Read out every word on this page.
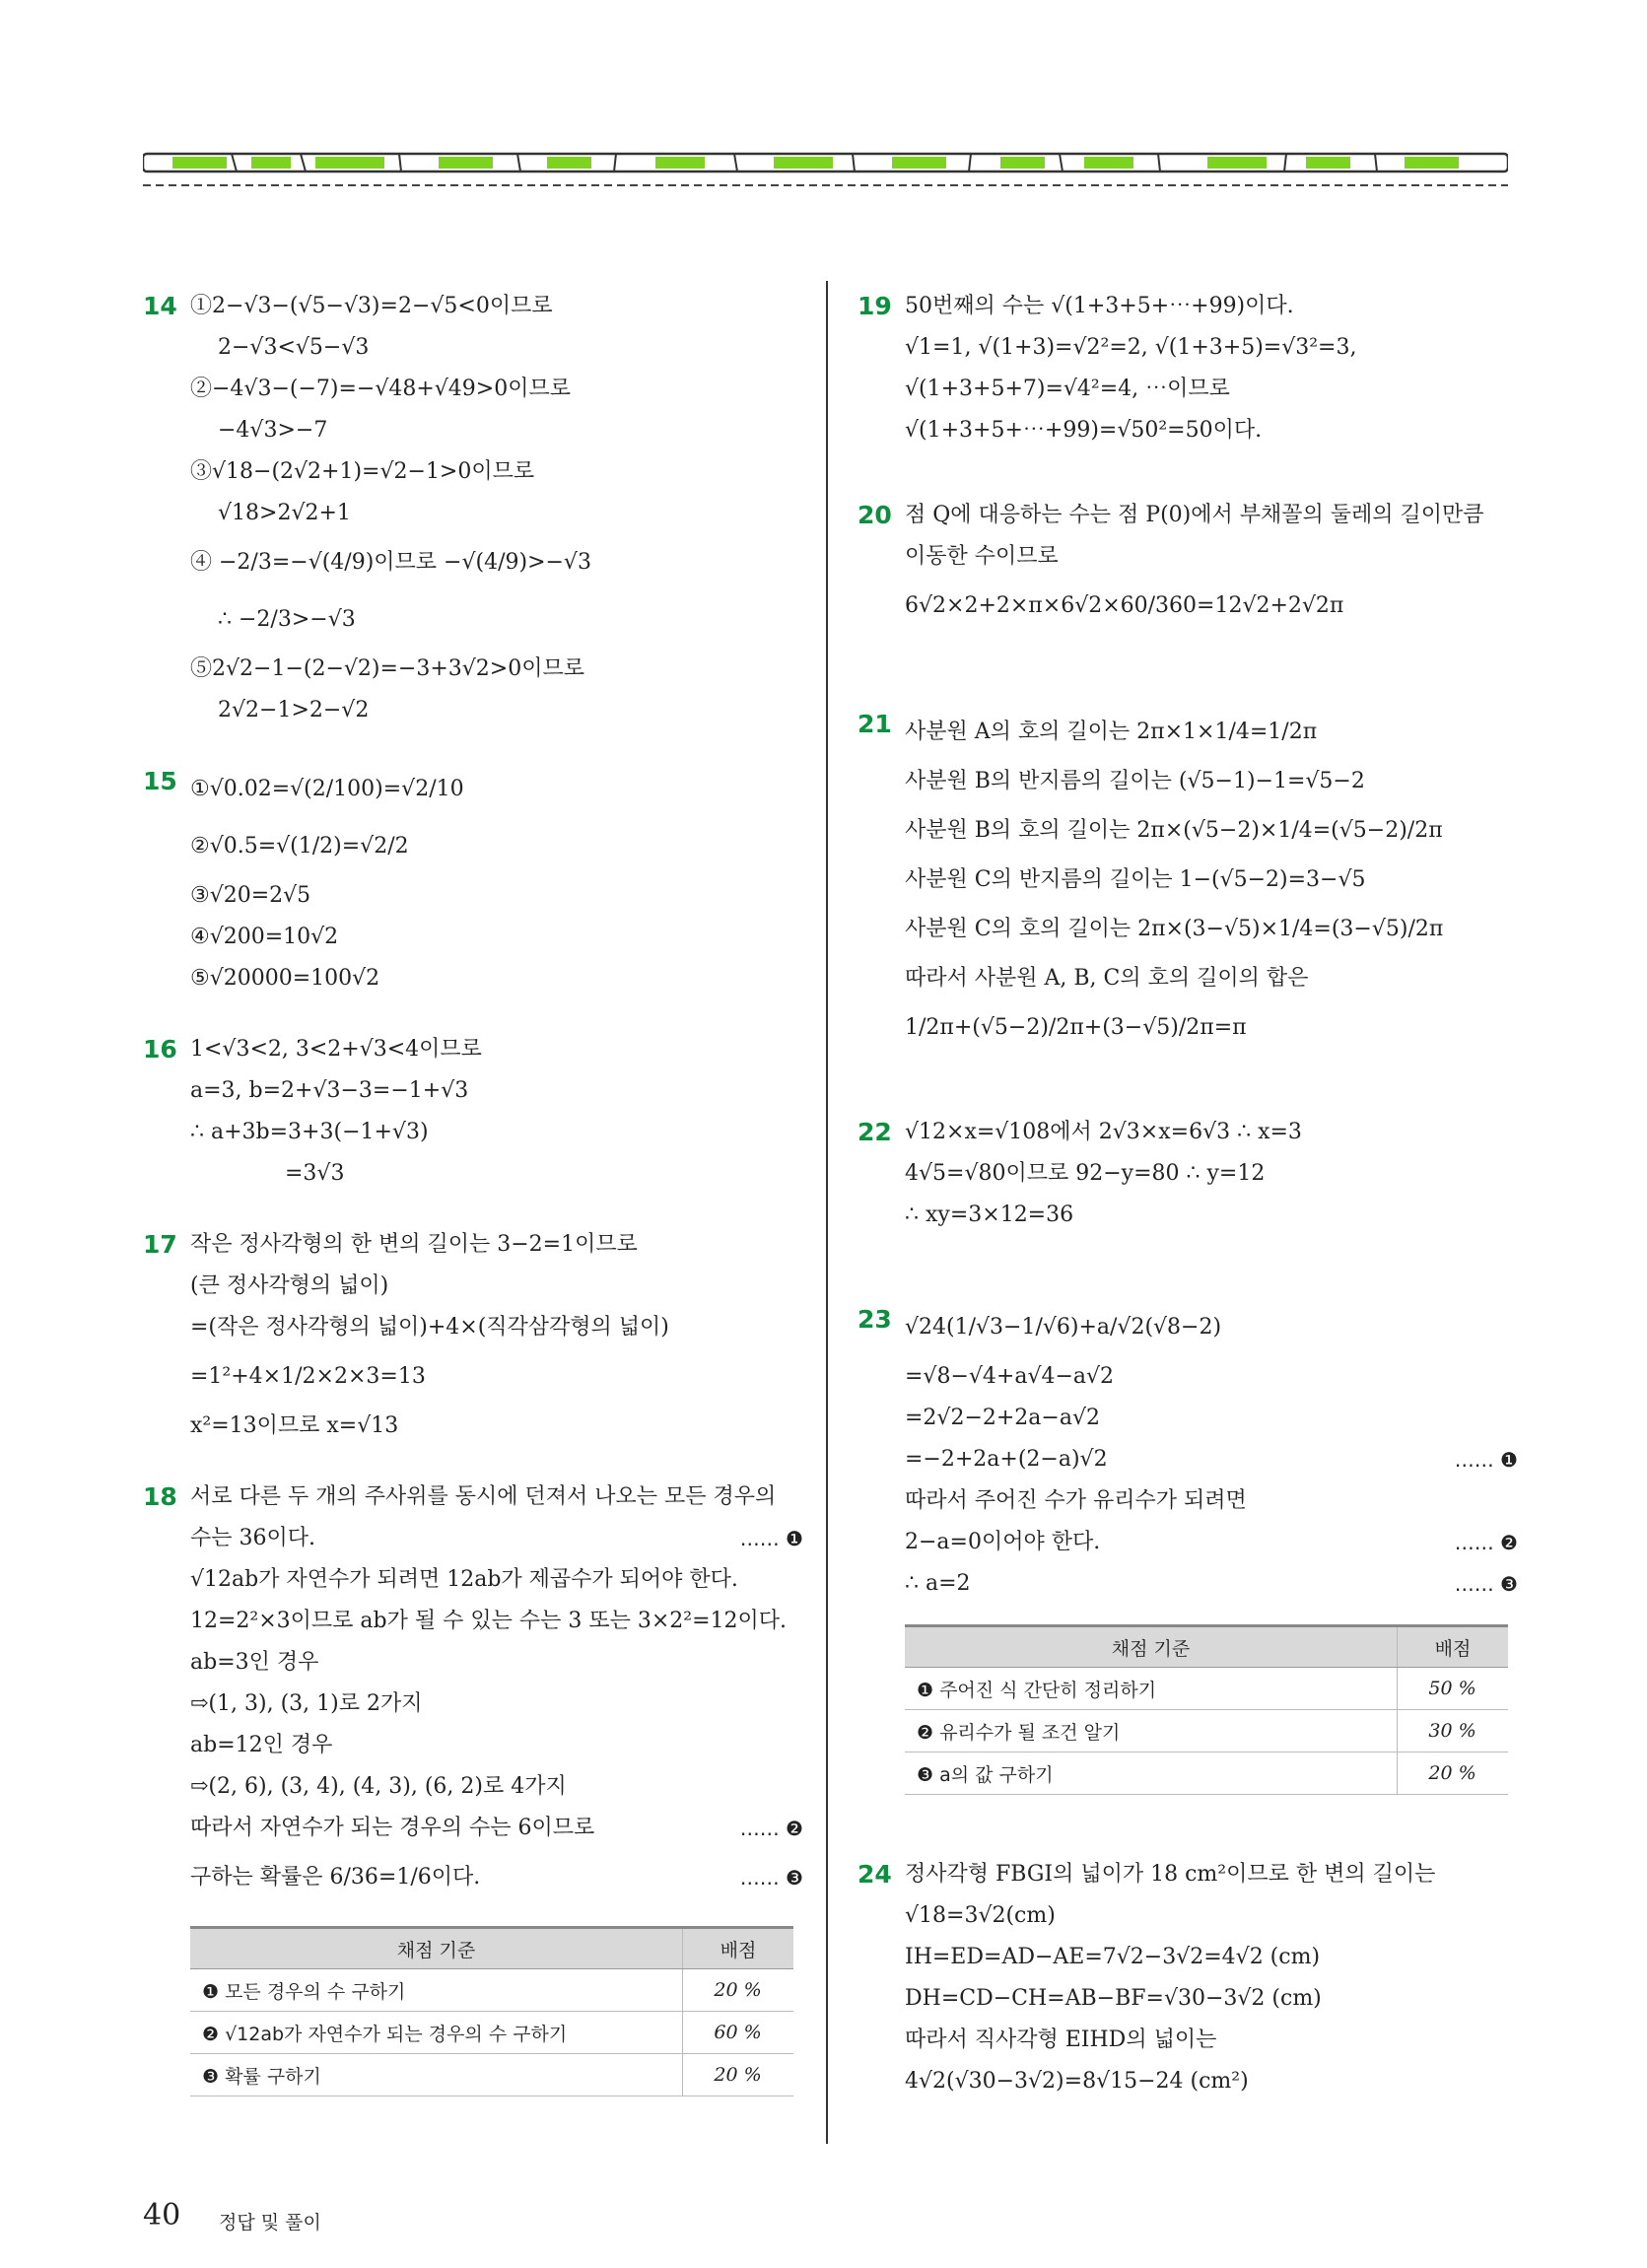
14 ①2−√3−(√5−√3)=2−√5<0이므로
2−√3<√5−√3
②−4√3−(−7)=−√48+√49>0이므로
−4√3>−7
③√18−(2√2+1)=√2−1>0이므로
√18>2√2+1
④ −2/3=−√(4/9)이므로 −√(4/9)>−√3
∴ −2/3>−√3
⑤2√2−1−(2−√2)=−3+3√2>0이므로
2√2−1>2−√2
15 ①√0.02=√(2/100)=√2/10
②√0.5=√(1/2)=√2/2
③√20=2√5
④√200=10√2
⑤√20000=100√2
16 1<√3<2, 3<2+√3<4이므로
a=3, b=2+√3−3=−1+√3
∴ a+3b=3+3(−1+√3)
=3√3
17 작은 정사각형의 한 변의 길이는 3−2=1이므로
(큰 정사각형의 넓이)
=(작은 정사각형의 넓이)+4×(직각삼각형의 넓이)
=1²+4×1/2×2×3=13
x²=13이므로 x=√13
18 서로 다른 두 개의 주사위를 동시에 던져서 나오는 모든 경우의
수는 36이다.	…… ❶
√12ab가 자연수가 되려면 12ab가 제곱수가 되어야 한다.
12=2²×3이므로 ab가 될 수 있는 수는 3 또는 3×2²=12이다.
ab=3인 경우
⇨(1, 3), (3, 1)로 2가지
ab=12인 경우
⇨(2, 6), (3, 4), (4, 3), (6, 2)로 4가지
따라서 자연수가 되는 경우의 수는 6이므로	…… ❷
구하는 확률은 6/36=1/6이다.	…… ❸
채점 기준	배점
❶ 모든 경우의 수 구하기	20 %
❷ √12ab가 자연수가 되는 경우의 수 구하기	60 %
❸ 확률 구하기	20 %
19 50번째의 수는 √(1+3+5+⋯+99)이다.
√1=1, √(1+3)=√2²=2, √(1+3+5)=√3²=3,
√(1+3+5+7)=√4²=4, ⋯이므로
√(1+3+5+⋯+99)=√50²=50이다.
20 점 Q에 대응하는 수는 점 P(0)에서 부채꼴의 둘레의 길이만큼
이동한 수이므로
6√2×2+2×π×6√2×60/360=12√2+2√2π
21 사분원 A의 호의 길이는 2π×1×1/4=1/2π
사분원 B의 반지름의 길이는 (√5−1)−1=√5−2
사분원 B의 호의 길이는 2π×(√5−2)×1/4=(√5−2)/2π
사분원 C의 반지름의 길이는 1−(√5−2)=3−√5
사분원 C의 호의 길이는 2π×(3−√5)×1/4=(3−√5)/2π
따라서 사분원 A, B, C의 호의 길이의 합은
1/2π+(√5−2)/2π+(3−√5)/2π=π
22 √12×x=√108에서 2√3×x=6√3 ∴ x=3
4√5=√80이므로 92−y=80 ∴ y=12
∴ xy=3×12=36
23 √24(1/√3−1/√6)+a/√2(√8−2)
=√8−√4+a√4−a√2
=2√2−2+2a−a√2
=−2+2a+(2−a)√2	…… ❶
따라서 주어진 수가 유리수가 되려면
2−a=0이어야 한다.	…… ❷
∴ a=2	…… ❸
채점 기준	배점
❶ 주어진 식 간단히 정리하기	50 %
❷ 유리수가 될 조건 알기	30 %
❸ a의 값 구하기	20 %
24 정사각형 FBGI의 넓이가 18 cm²이므로 한 변의 길이는
√18=3√2(cm)
IH=ED=AD−AE=7√2−3√2=4√2 (cm)
DH=CD−CH=AB−BF=√30−3√2 (cm)
따라서 직사각형 EIHD의 넓이는
4√2(√30−3√2)=8√15−24 (cm²)
40 정답 및 풀이
